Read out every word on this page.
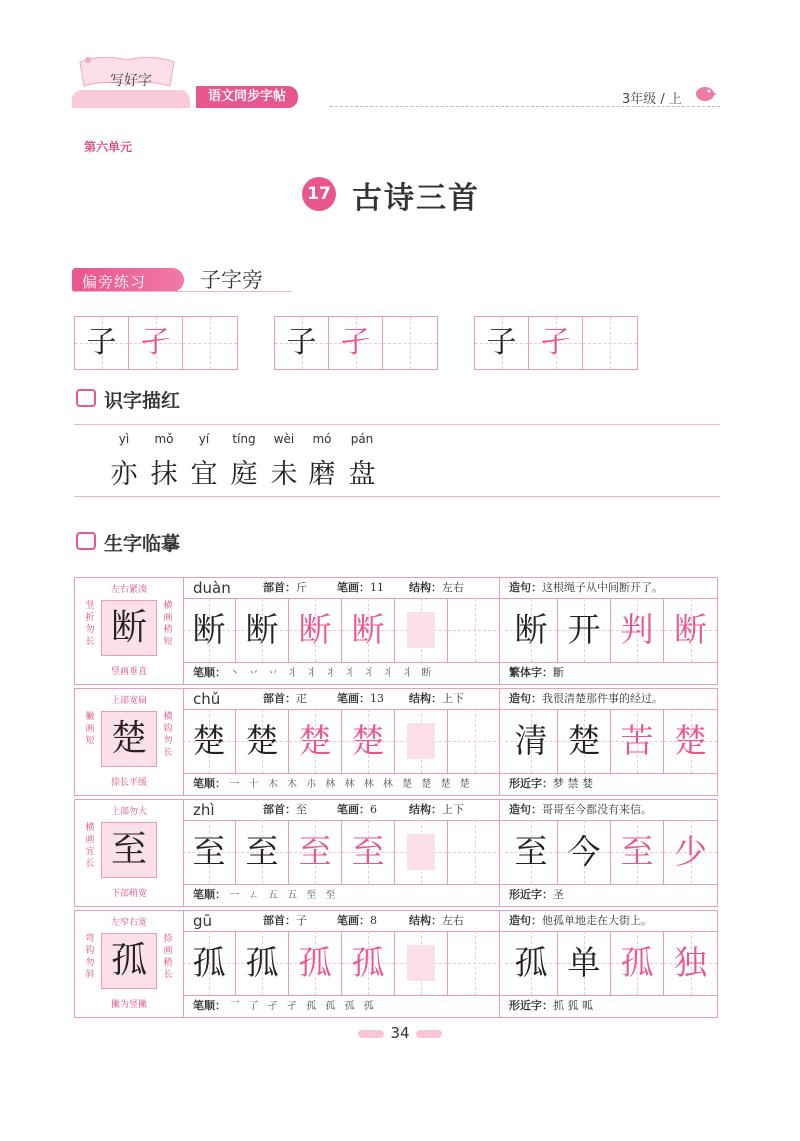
写好字
语文同步字帖	3年级 / 上
第六单元
17 古诗三首
偏旁练习	子字旁
子 孑	子 孑	子 孑
识字描红
yì
亦
mǒ
抹
yí
宜
tíng
庭
wèi
未
mó
磨
pán
盘
生字临摹
左右紧凑
竖折勿长
横画稍短
断
竖画垂直
duàn	部首：斤	笔画：11 结构：左右	造句：这根绳子从中间断开了。
断 断 断 断	断 开 判 断
笔顺： 丶 丷 丷 丬 丬 丬 丬 丬 丬 丬 断	繁体字：斷
上部宽扁
撇画短
横钩勿长
楚
捺长平缓
chǔ	部首：疋	笔画：13 结构：上下	造句：我很清楚那件事的经过。
楚 楚 楚 楚	清 楚 苦 楚
笔顺： 一 十 木 木 朩 林 林 林 林 楚 楚 楚 楚	形近字：梦 禁 婪
上部勿大
横画宜长 至
下部稍宽
zhì	部首：至	笔画：6	结构：上下	造句：哥哥至今都没有来信。
至 至 至 至	至 今 至 少
笔顺： 一 ㄥ 五 五 至 至	形近字：圣
左窄右宽
弯钩勿斜
捺画稍长
孤
撇为竖撇
gū	部首：子	笔画：8	结构：左右	造句：他孤单地走在大街上。
孤 孤 孤 孤	孤 单 孤 独
笔顺： 乛 了 孑 孑 孤 孤 孤 孤	形近字：抓 狐 呱
34
